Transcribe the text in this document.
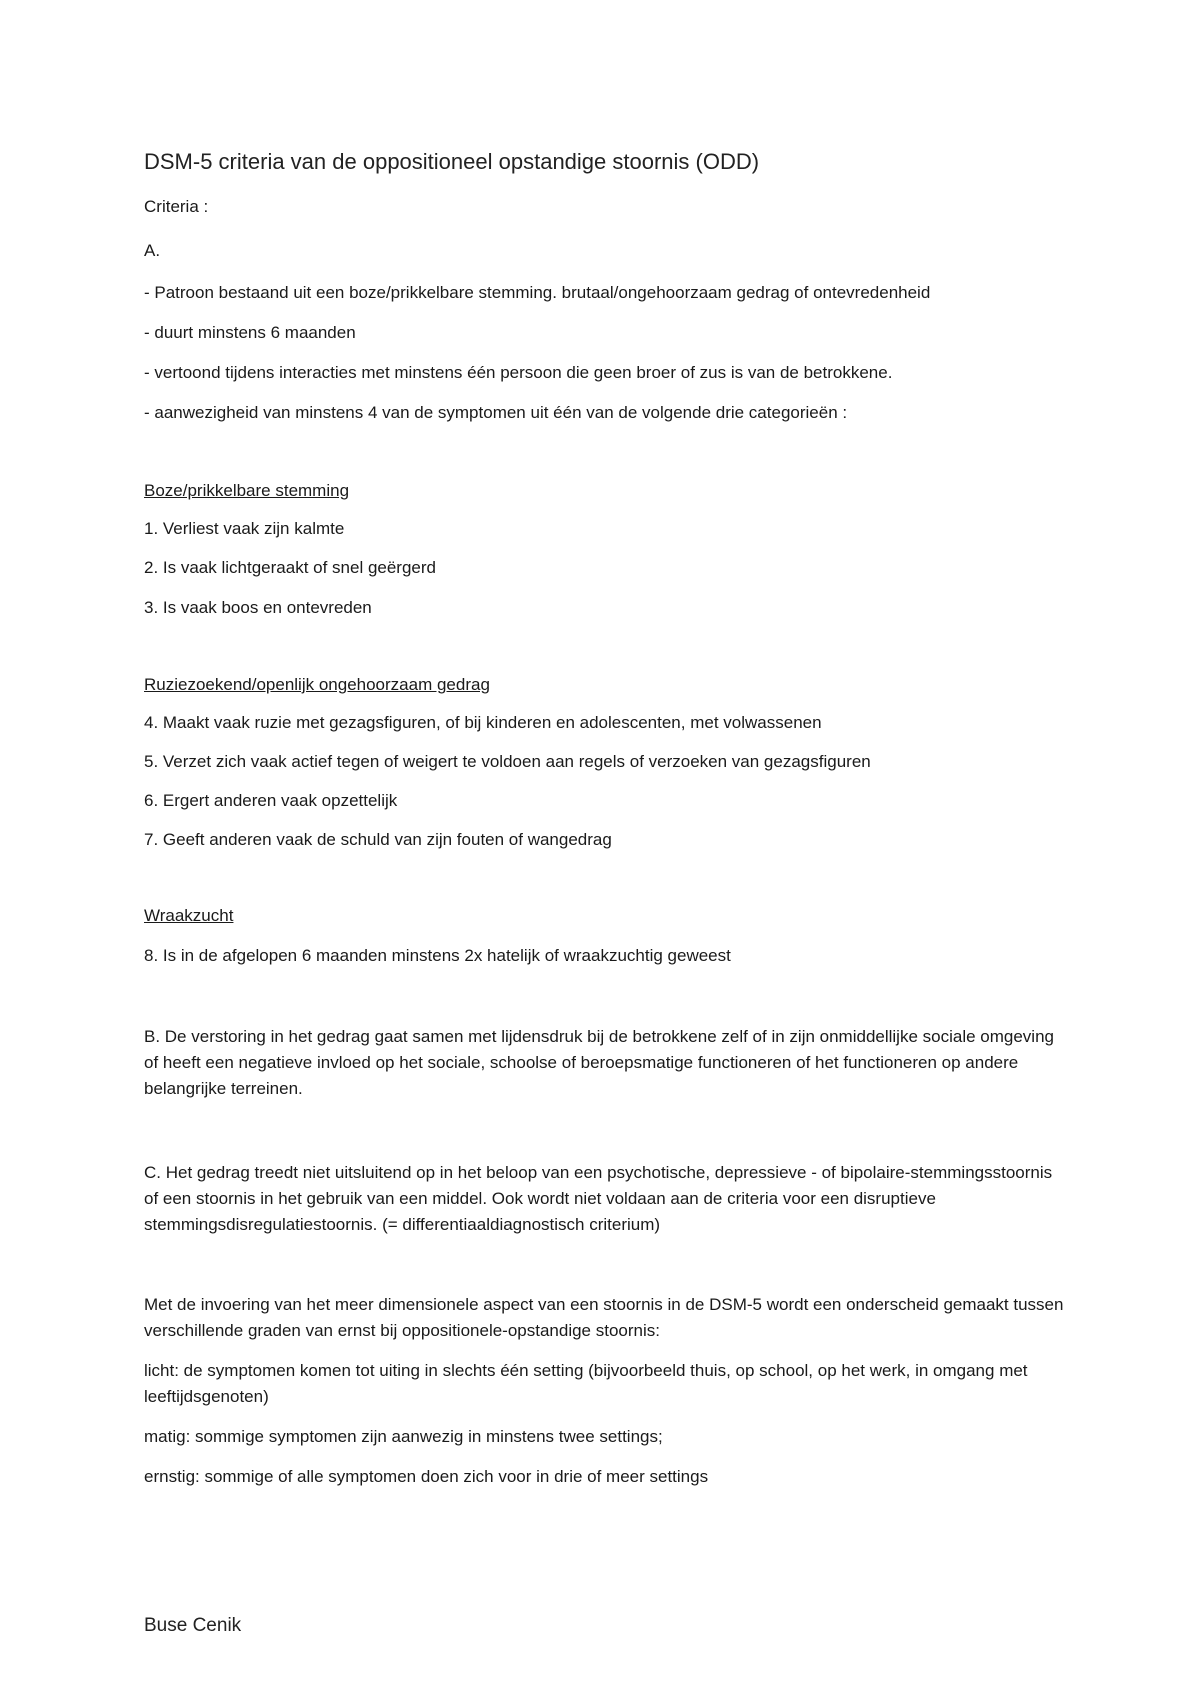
DSM-5 criteria van de oppositioneel opstandige stoornis (ODD)
Criteria :
A.
- Patroon bestaand uit een boze/prikkelbare stemming. brutaal/ongehoorzaam gedrag of ontevredenheid
- duurt minstens 6 maanden
- vertoond tijdens interacties met minstens één persoon die geen broer of zus is van de betrokkene.
- aanwezigheid van minstens 4 van de symptomen uit één van de volgende drie categorieën :
Boze/prikkelbare stemming
1. Verliest vaak zijn kalmte
2. Is vaak lichtgeraakt of snel geërgerd
3. Is vaak boos en ontevreden
Ruziezoekend/openlijk ongehoorzaam gedrag
4. Maakt vaak ruzie met gezagsfiguren, of bij kinderen en adolescenten, met volwassenen
5. Verzet zich vaak actief tegen of weigert te voldoen aan regels of verzoeken van gezagsfiguren
6. Ergert anderen vaak opzettelijk
7. Geeft anderen vaak de schuld van zijn fouten of wangedrag
Wraakzucht
8. Is in de afgelopen 6 maanden minstens 2x hatelijk of wraakzuchtig geweest
B. De verstoring in het gedrag gaat samen met lijdensdruk bij de betrokkene zelf of in zijn onmiddellijke sociale omgeving of heeft een negatieve invloed op het sociale, schoolse of beroepsmatige functioneren of het functioneren op andere belangrijke terreinen.
C. Het gedrag treedt niet uitsluitend op in het beloop van een psychotische, depressieve - of bipolaire-stemmingsstoornis of een stoornis in het gebruik van een middel. Ook wordt niet voldaan aan de criteria voor een disruptieve stemmingsdisregulatiestoornis. (= differentiaaldiagnostisch criterium)
Met de invoering van het meer dimensionele aspect van een stoornis in de DSM-5 wordt een onderscheid gemaakt tussen verschillende graden van ernst bij oppositionele-opstandige stoornis:
licht: de symptomen komen tot uiting in slechts één setting (bijvoorbeeld thuis, op school, op het werk, in omgang met leeftijdsgenoten)
matig: sommige symptomen zijn aanwezig in minstens twee settings;
ernstig: sommige of alle symptomen doen zich voor in drie of meer settings
Buse Cenik
